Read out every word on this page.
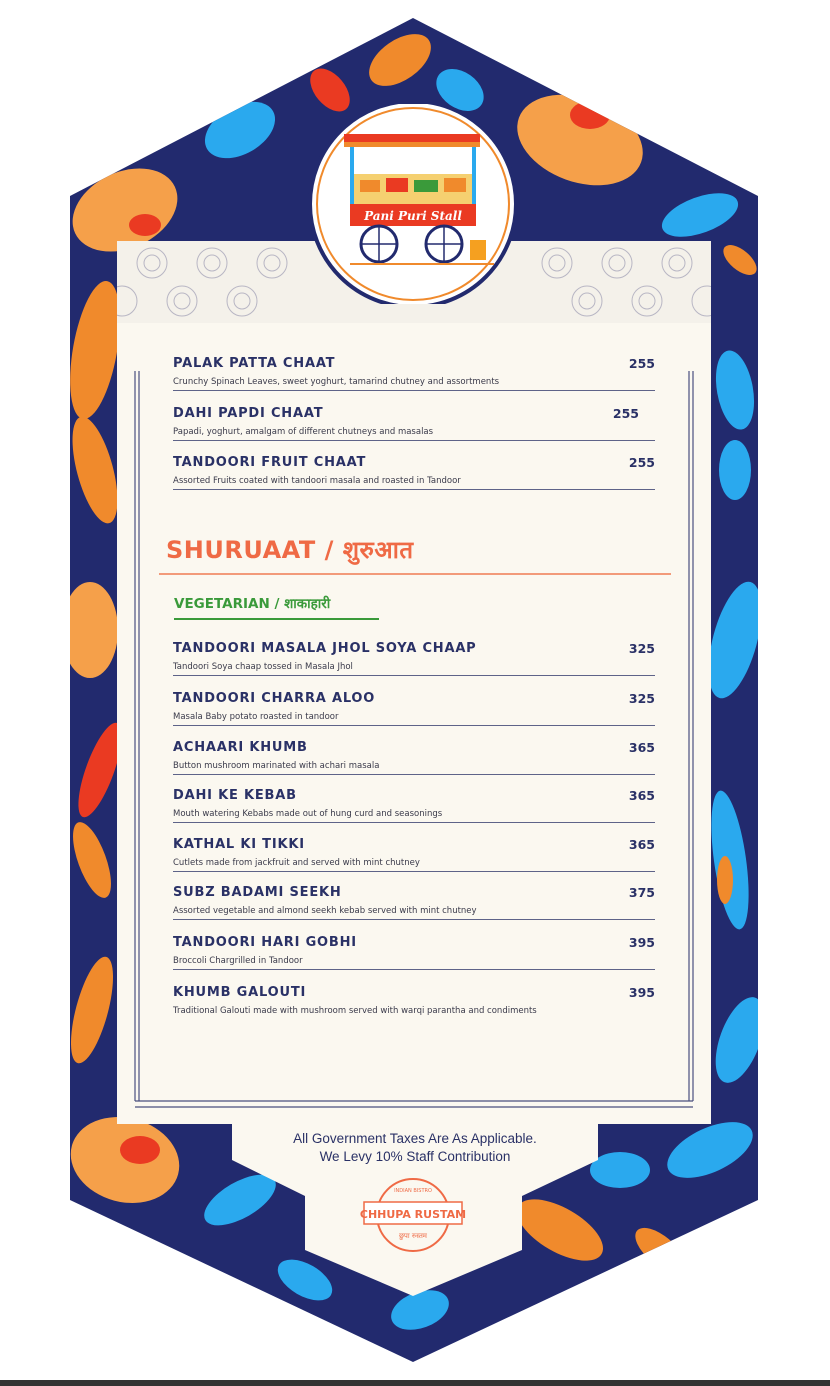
PALAK PATTA CHAAT
Crunchy Spinach Leaves, sweet yoghurt, tamarind chutney and assortments
255
DAHI PAPDI CHAAT
Papadi, yoghurt, amalgam of different chutneys and masalas
255
TANDOORI FRUIT CHAAT
Assorted Fruits coated with tandoori masala and roasted in Tandoor
255
SHURUAAT / शुरुआत
VEGETARIAN / शाकाहारी
TANDOORI MASALA JHOL SOYA CHAAP
Tandoori Soya chaap tossed in Masala Jhol
325
TANDOORI CHARRA ALOO
Masala Baby potato roasted in tandoor
325
ACHAARI KHUMB
Button mushroom marinated with achari masala
365
DAHI KE KEBAB
Mouth watering Kebabs made out of hung curd and seasonings
365
KATHAL KI TIKKI
Cutlets made from jackfruit and served with mint chutney
365
SUBZ BADAMI SEEKH
Assorted vegetable and almond seekh kebab served with mint chutney
375
TANDOORI HARI GOBHI
Broccoli Chargrilled in Tandoor
395
KHUMB GALOUTI
Traditional Galouti made with mushroom served with warqi parantha and condiments
395
Pani Puri Stall
All Government Taxes Are As Applicable.
We Levy 10% Staff Contribution
INDIAN BISTRO
CHHUPA RUSTAM
छुपा रुस्तम
